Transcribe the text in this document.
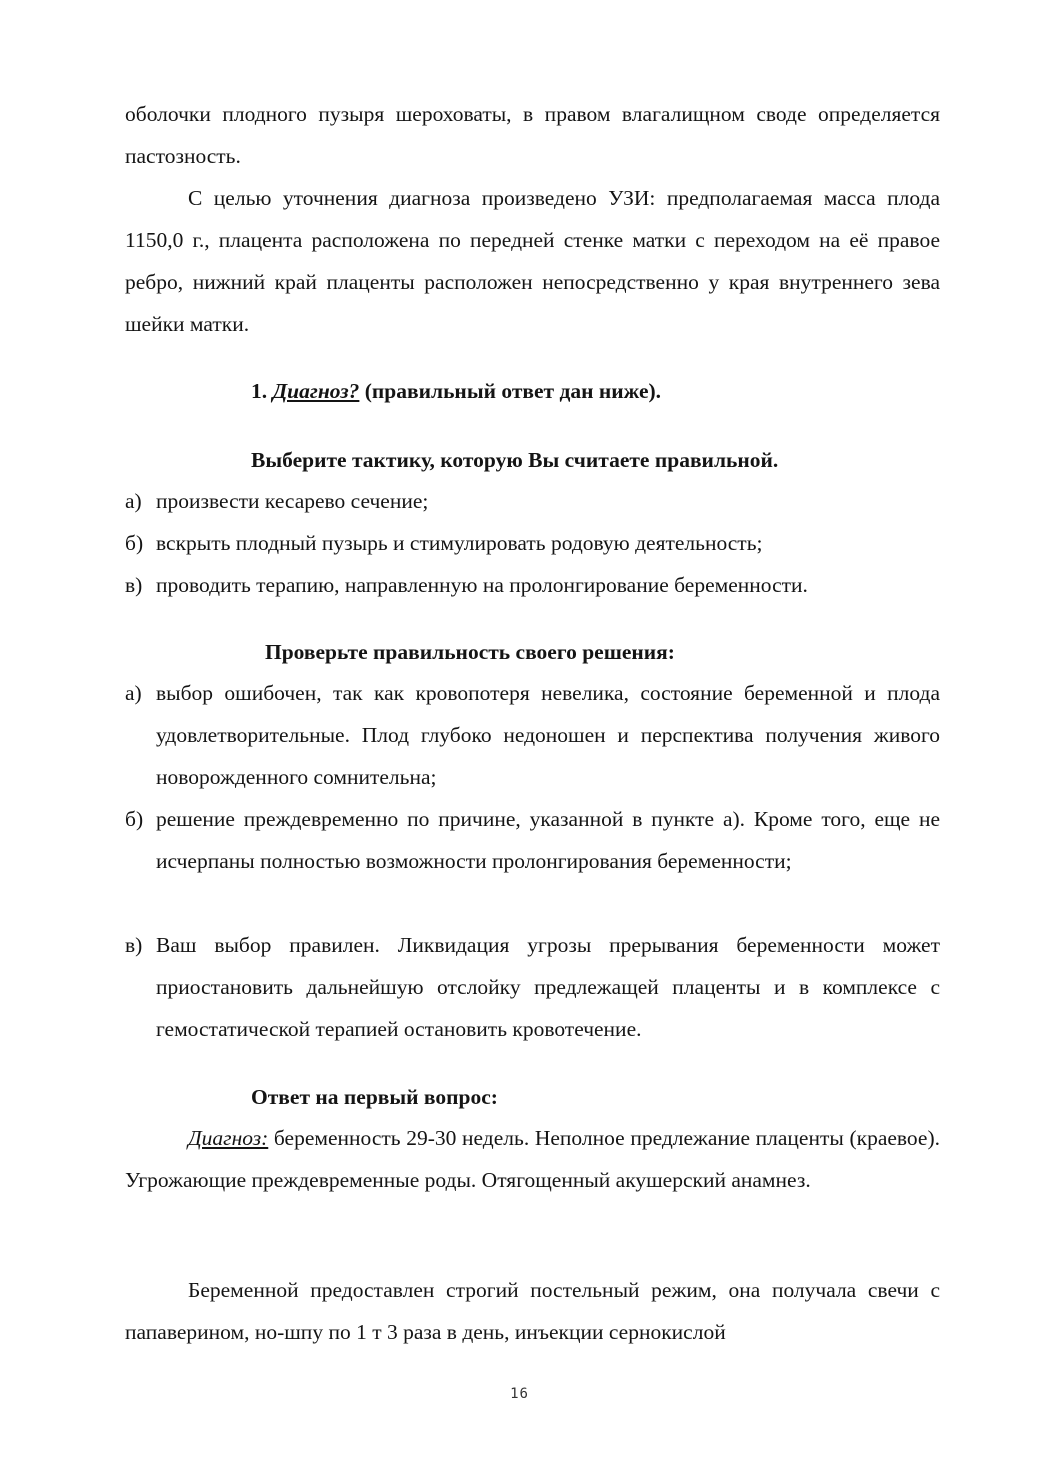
оболочки плодного пузыря шероховаты, в правом влагалищном своде определяется пастозность.

С целью уточнения диагноза произведено УЗИ: предполагаемая масса плода 1150,0 г., плацента расположена по передней стенке матки с переходом на её правое ребро, нижний край плаценты расположен непосредственно у края внутреннего зева шейки матки.

1. Диагноз? (правильный ответ дан ниже).

Выберите тактику, которую Вы считаете правильной.

а) произвести кесарево сечение;
б) вскрыть плодный пузырь и стимулировать родовую деятельность;
в) проводить терапию, направленную на пролонгирование беременности.

Проверьте правильность своего решения:

а) выбор ошибочен, так как кровопотеря невелика, состояние беременной и плода удовлетворительные. Плод глубоко недоношен и перспектива получения живого новорожденного сомнительна;
б) решение преждевременно по причине, указанной в пункте а). Кроме того, еще не исчерпаны полностью возможности пролонгирования беременности;
в) Ваш выбор правилен. Ликвидация угрозы прерывания беременности может приостановить дальнейшую отслойку предлежащей плаценты и в комплексе с гемостатической терапией остановить кровотечение.

Ответ на первый вопрос:

Диагноз: беременность 29-30 недель. Неполное предлежание плаценты (краевое). Угрожающие преждевременные роды. Отягощенный акушерский анамнез.

Беременной предоставлен строгий постельный режим, она получала свечи с папаверином, но-шпу по 1 т 3 раза в день, инъекции сернокислой

16
